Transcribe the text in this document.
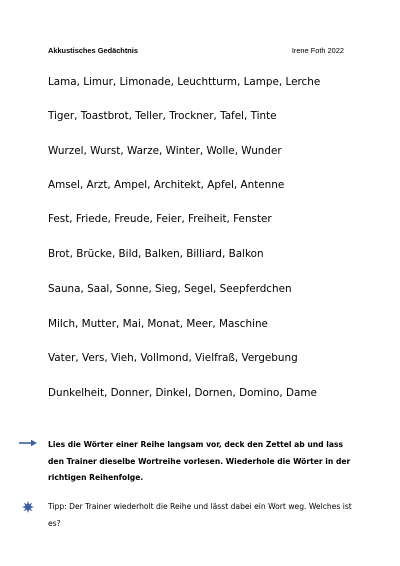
Akkustisches Gedächtnis	Irene Foth 2022
Lama, Limur, Limonade, Leuchtturm, Lampe, Lerche
Tiger, Toastbrot, Teller, Trockner, Tafel, Tinte
Wurzel, Wurst, Warze, Winter, Wolle, Wunder
Amsel, Arzt, Ampel, Architekt, Apfel, Antenne
Fest, Friede, Freude, Feier, Freiheit, Fenster
Brot, Brücke, Bild, Balken, Billiard, Balkon
Sauna, Saal, Sonne, Sieg, Segel, Seepferdchen
Milch, Mutter, Mai, Monat, Meer, Maschine
Vater, Vers, Vieh, Vollmond, Vielfraß, Vergebung
Dunkelheit, Donner, Dinkel, Dornen, Domino, Dame
Lies die Wörter einer Reihe langsam vor, deck den Zettel ab und lass den Trainer dieselbe Wortreihe vorlesen. Wiederhole die Wörter in der richtigen Reihenfolge.
Tipp: Der Trainer wiederholt die Reihe und lässt dabei ein Wort weg. Welches ist es?
